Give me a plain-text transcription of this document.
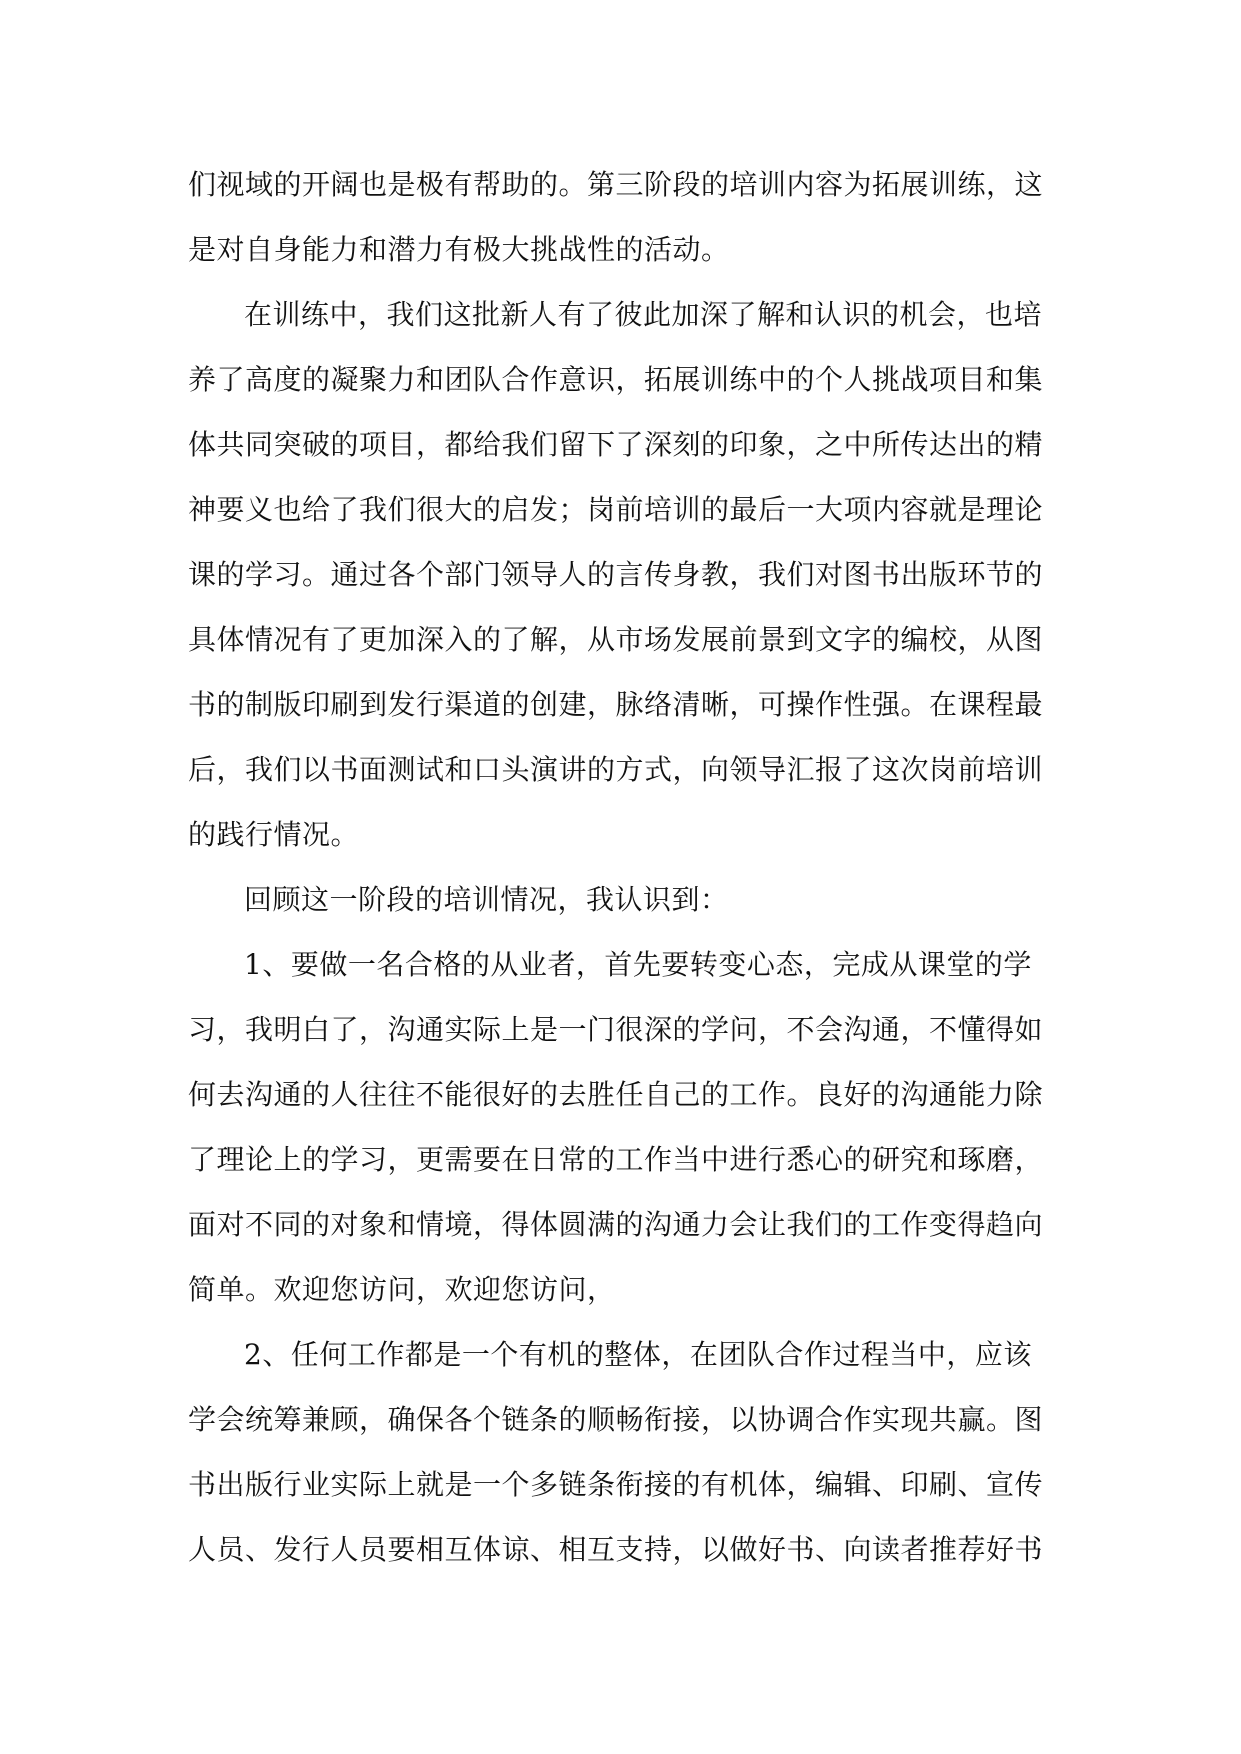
们视域的开阔也是极有帮助的。第三阶段的培训内容为拓展训练，这
是对自身能力和潜力有极大挑战性的活动。
在训练中，我们这批新人有了彼此加深了解和认识的机会，也培
养了高度的凝聚力和团队合作意识，拓展训练中的个人挑战项目和集
体共同突破的项目，都给我们留下了深刻的印象，之中所传达出的精
神要义也给了我们很大的启发；岗前培训的最后一大项内容就是理论
课的学习。通过各个部门领导人的言传身教，我们对图书出版环节的
具体情况有了更加深入的了解，从市场发展前景到文字的编校，从图
书的制版印刷到发行渠道的创建，脉络清晰，可操作性强。在课程最
后，我们以书面测试和口头演讲的方式，向领导汇报了这次岗前培训
的践行情况。
回顾这一阶段的培训情况，我认识到：
1、要做一名合格的从业者，首先要转变心态，完成从课堂的学
习，我明白了，沟通实际上是一门很深的学问，不会沟通，不懂得如
何去沟通的人往往不能很好的去胜任自己的工作。良好的沟通能力除
了理论上的学习，更需要在日常的工作当中进行悉心的研究和琢磨，
面对不同的对象和情境，得体圆满的沟通力会让我们的工作变得趋向
简单。欢迎您访问，欢迎您访问，
2、任何工作都是一个有机的整体，在团队合作过程当中，应该
学会统筹兼顾，确保各个链条的顺畅衔接，以协调合作实现共赢。图
书出版行业实际上就是一个多链条衔接的有机体，编辑、印刷、宣传
人员、发行人员要相互体谅、相互支持，以做好书、向读者推荐好书
